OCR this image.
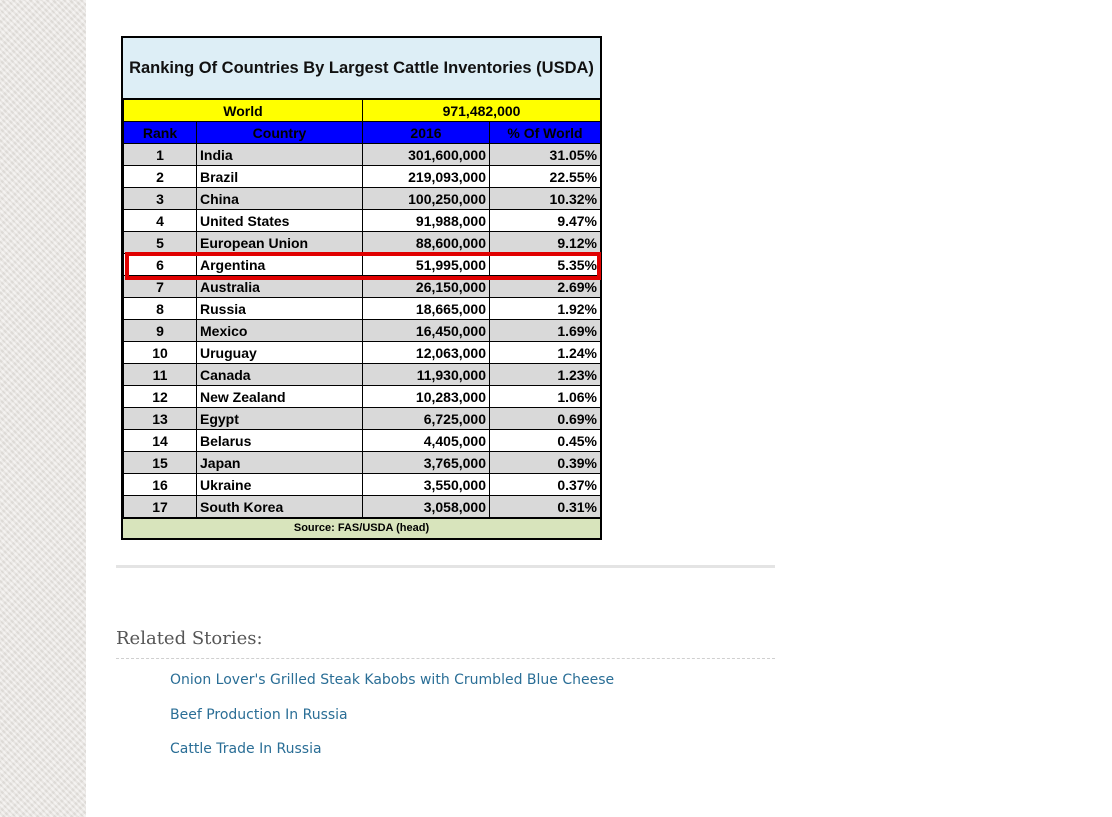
Ranking Of Countries By Largest Cattle Inventories (USDA)
World		971,482,000	
Rank	Country	2016	% Of World
1	India	301,600,000	31.05%
2	Brazil	219,093,000	22.55%
3	China	100,250,000	10.32%
4	United States	91,988,000	9.47%
5	European Union	88,600,000	9.12%
6	Argentina	51,995,000	5.35%
7	Australia	26,150,000	2.69%
8	Russia	18,665,000	1.92%
9	Mexico	16,450,000	1.69%
10	Uruguay	12,063,000	1.24%
11	Canada	11,930,000	1.23%
12	New Zealand	10,283,000	1.06%
13	Egypt	6,725,000	0.69%
14	Belarus	4,405,000	0.45%
15	Japan	3,765,000	0.39%
16	Ukraine	3,550,000	0.37%
17	South Korea	3,058,000	0.31%
Source: FAS/USDA (head)
Related Stories:
Onion Lover's Grilled Steak Kabobs with Crumbled Blue Cheese
Beef Production In Russia
Cattle Trade In Russia
